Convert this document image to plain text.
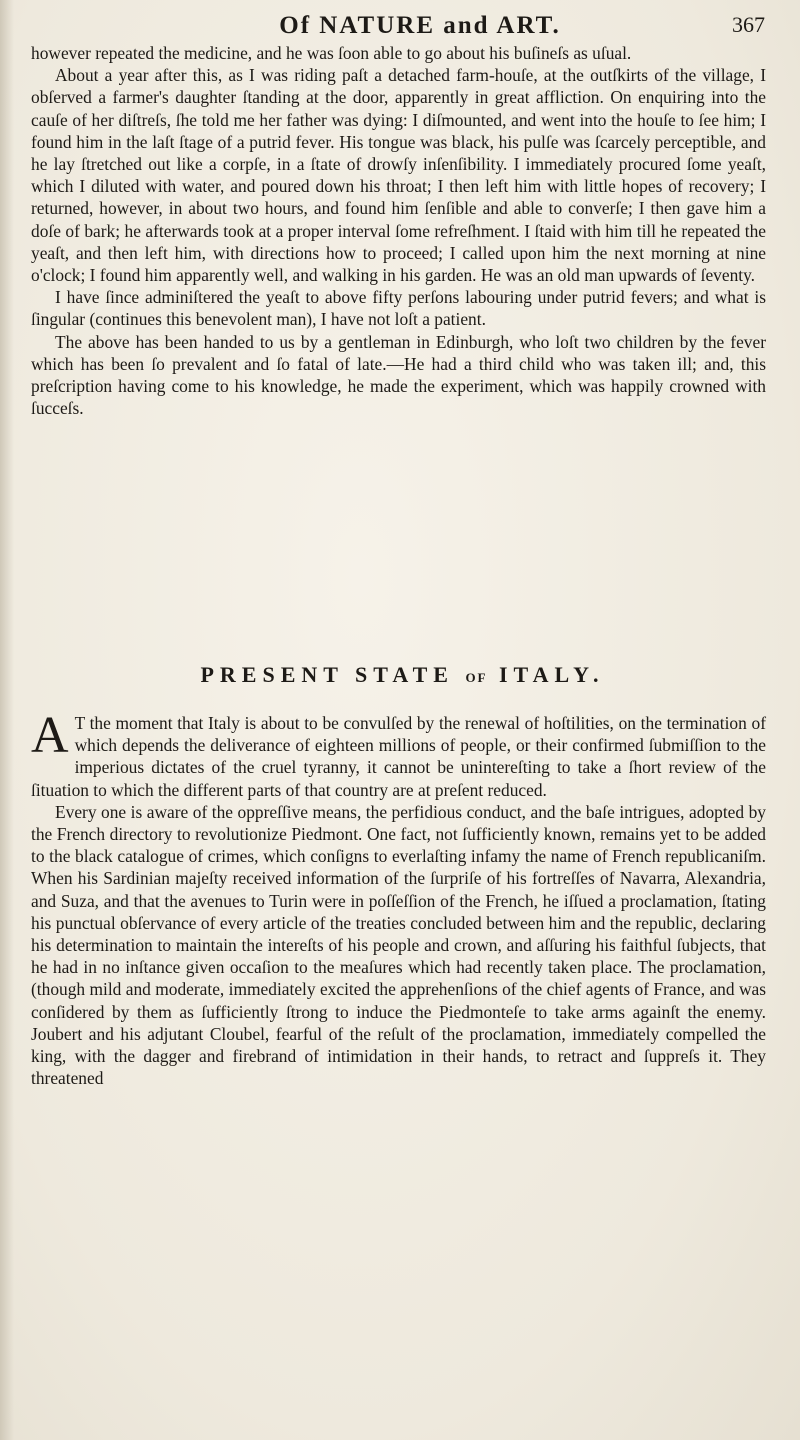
Of NATURE and ART.	367

however repeated the medicine, and he was ſoon able to go about his buſineſs as uſual.

About a year after this, as I was riding paſt a detached farm-houſe, at the outſkirts of the village, I obſerved a farmer's daughter ſtanding at the door, apparently in great affliction. On enquiring into the cauſe of her diſtreſs, ſhe told me her father was dying: I diſmounted, and went into the houſe to ſee him; I found him in the laſt ſtage of a putrid fever. His tongue was black, his pulſe was ſcarcely perceptible, and he lay ſtretched out like a corpſe, in a ſtate of drowſy inſenſibility. I immediately procured ſome yeaſt, which I diluted with water, and poured down his throat; I then left him with little hopes of recovery; I returned, however, in about two hours, and found him ſenſible and able to converſe; I then gave him a doſe of bark; he afterwards took at a proper interval ſome refreſhment. I ſtaid with him till he repeated the yeaſt, and then left him, with directions how to proceed; I called upon him the next morning at nine o'clock; I found him apparently well, and walking in his garden. He was an old man upwards of ſeventy.

I have ſince adminiſtered the yeaſt to above fifty perſons labouring under putrid fevers; and what is ſingular (continues this benevolent man), I have not loſt a patient.

The above has been handed to us by a gentleman in Edinburgh, who loſt two children by the fever which has been ſo prevalent and ſo fatal of late.—He had a third child who was taken ill; and, this preſcription having come to his knowledge, he made the experiment, which was happily crowned with ſucceſs.

PRESENT STATE OF ITALY.

A T the moment that Italy is about to be convulſed by the renewal of hoſtilities, on the termination of which depends the deliverance of eighteen millions of people, or their confirmed ſubmiſſion to the imperious dictates of the cruel tyranny, it cannot be unintereſting to take a ſhort review of the ſituation to which the different parts of that country are at preſent reduced.

Every one is aware of the oppreſſive means, the perfidious conduct, and the baſe intrigues, adopted by the French directory to revolutionize Piedmont. One fact, not ſufficiently known, remains yet to be added to the black catalogue of crimes, which conſigns to everlaſting infamy the name of French republicaniſm. When his Sardinian majeſty received information of the ſurpriſe of his fortreſſes of Navarra, Alexandria, and Suza, and that the avenues to Turin were in poſſeſſion of the French, he iſſued a proclamation, ſtating his punctual obſervance of every article of the treaties concluded between him and the republic, declaring his determination to maintain the intereſts of his people and crown, and aſſuring his faithful ſubjects, that he had in no inſtance given occaſion to the meaſures which had recently taken place. The proclamation, (though mild and moderate, immediately excited the apprehenſions of the chief agents of France, and was conſidered by them as ſufficiently ſtrong to induce the Piedmonteſe to take arms againſt the enemy. Joubert and his adjutant Cloubel, fearful of the reſult of the proclamation, immediately compelled the king, with the dagger and firebrand of intimidation in their hands, to retract and ſuppreſs it. They threatened
